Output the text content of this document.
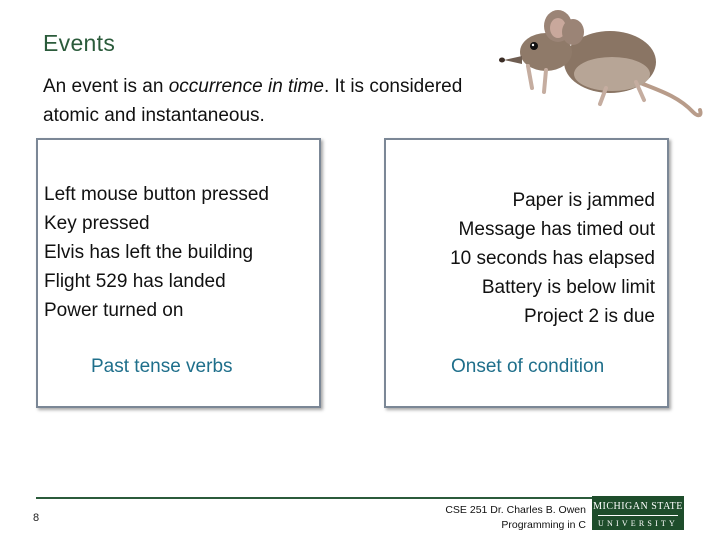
Events
An event is an occurrence in time. It is considered atomic and instantaneous.
Left mouse button pressed
Key pressed
Elvis has left the building
Flight 529 has landed
Power turned on
Past tense verbs
Paper is jammed
Message has timed out
10 seconds has elapsed
Battery is below limit
Project 2 is due
Onset of condition
8
CSE 251 Dr. Charles B. Owen
Programming in C
MICHIGAN STATE
UNIVERSITY
